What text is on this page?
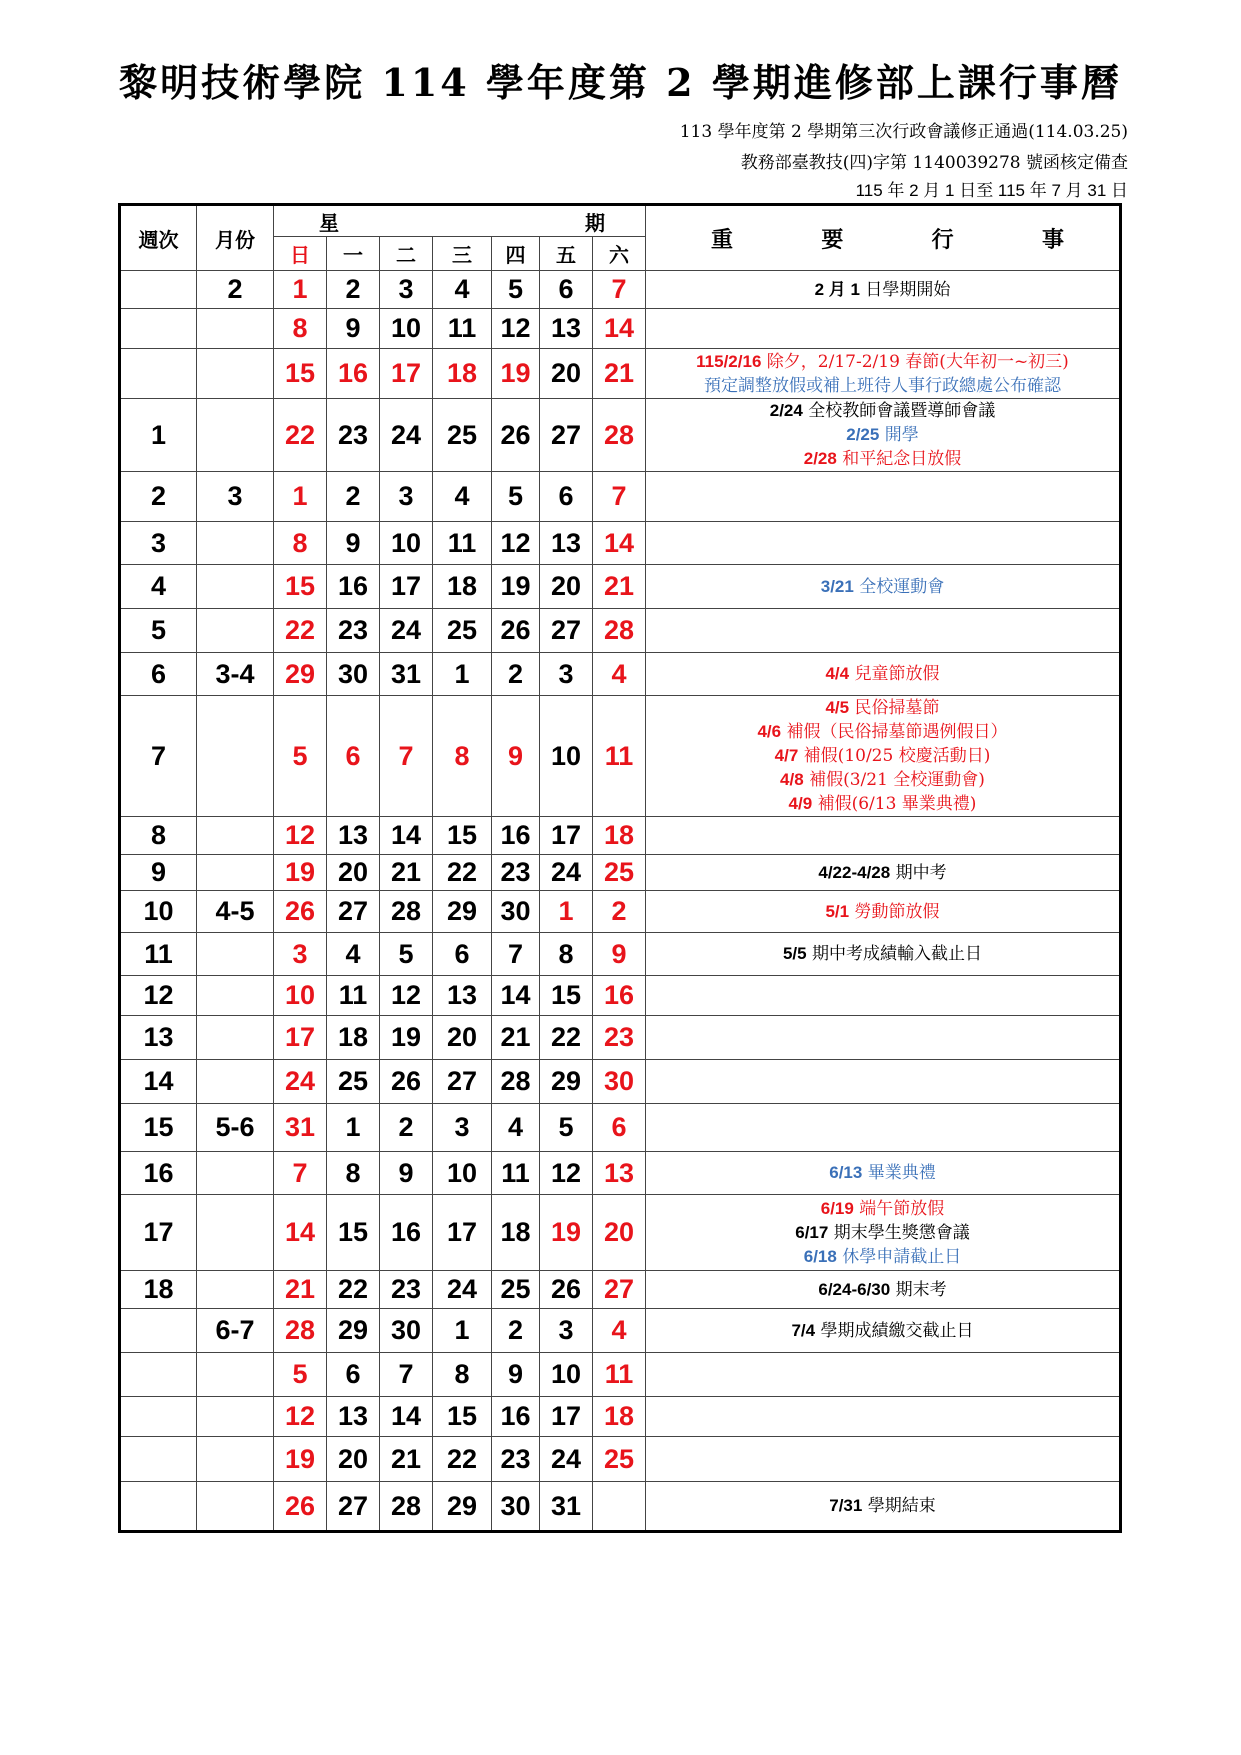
黎明技術學院 114 學年度第 2 學期進修部上課行事曆
113 學年度第 2 學期第三次行政會議修正通過(114.03.25)
教務部臺教技(四)字第 1140039278 號函核定備查
115 年 2 月 1 日至 115 年 7 月 31 日
週次	月份	星 期							重 要 行 事

		日	一	二	三	四	五	六	
	2	1	2	3	4	5	6	7	2 月 1 日學期開始

		8	9	10	11	12	13	14	
		15	16	17	18	19	20	21	115/2/16 除夕，2/17-2/19 春節(大年初一~初三)
預定調整放假或補上班待人事行政總處公布確認

1		22	23	24	25	26	27	28	2/24 全校教師會議暨導師會議
2/25 開學
2/28 和平紀念日放假

2	3	1	2	3	4	5	6	7	
3		8	9	10	11	12	13	14	
4		15	16	17	18	19	20	21	3/21 全校運動會

5		22	23	24	25	26	27	28	
6	3-4	29	30	31	1	2	3	4	4/4 兒童節放假

7		5	6	7	8	9	10	11	4/5 民俗掃墓節
4/6 補假（民俗掃墓節遇例假日）
4/7 補假(10/25 校慶活動日)
4/8 補假(3/21 全校運動會)
4/9 補假(6/13 畢業典禮)

8		12	13	14	15	16	17	18	
9		19	20	21	22	23	24	25	4/22-4/28 期中考

10	4-5	26	27	28	29	30	1	2	5/1 勞動節放假

11		3	4	5	6	7	8	9	5/5 期中考成績輸入截止日

12		10	11	12	13	14	15	16	
13		17	18	19	20	21	22	23	
14		24	25	26	27	28	29	30	
15	5-6	31	1	2	3	4	5	6	
16		7	8	9	10	11	12	13	6/13 畢業典禮

17		14	15	16	17	18	19	20	6/19 端午節放假
6/17 期末學生獎懲會議
6/18 休學申請截止日

18		21	22	23	24	25	26	27	6/24-6/30 期末考

	6-7	28	29	30	1	2	3	4	7/4 學期成績繳交截止日

		5	6	7	8	9	10	11	
		12	13	14	15	16	17	18	
		19	20	21	22	23	24	25	
		26	27	28	29	30	31		7/31 學期結束
